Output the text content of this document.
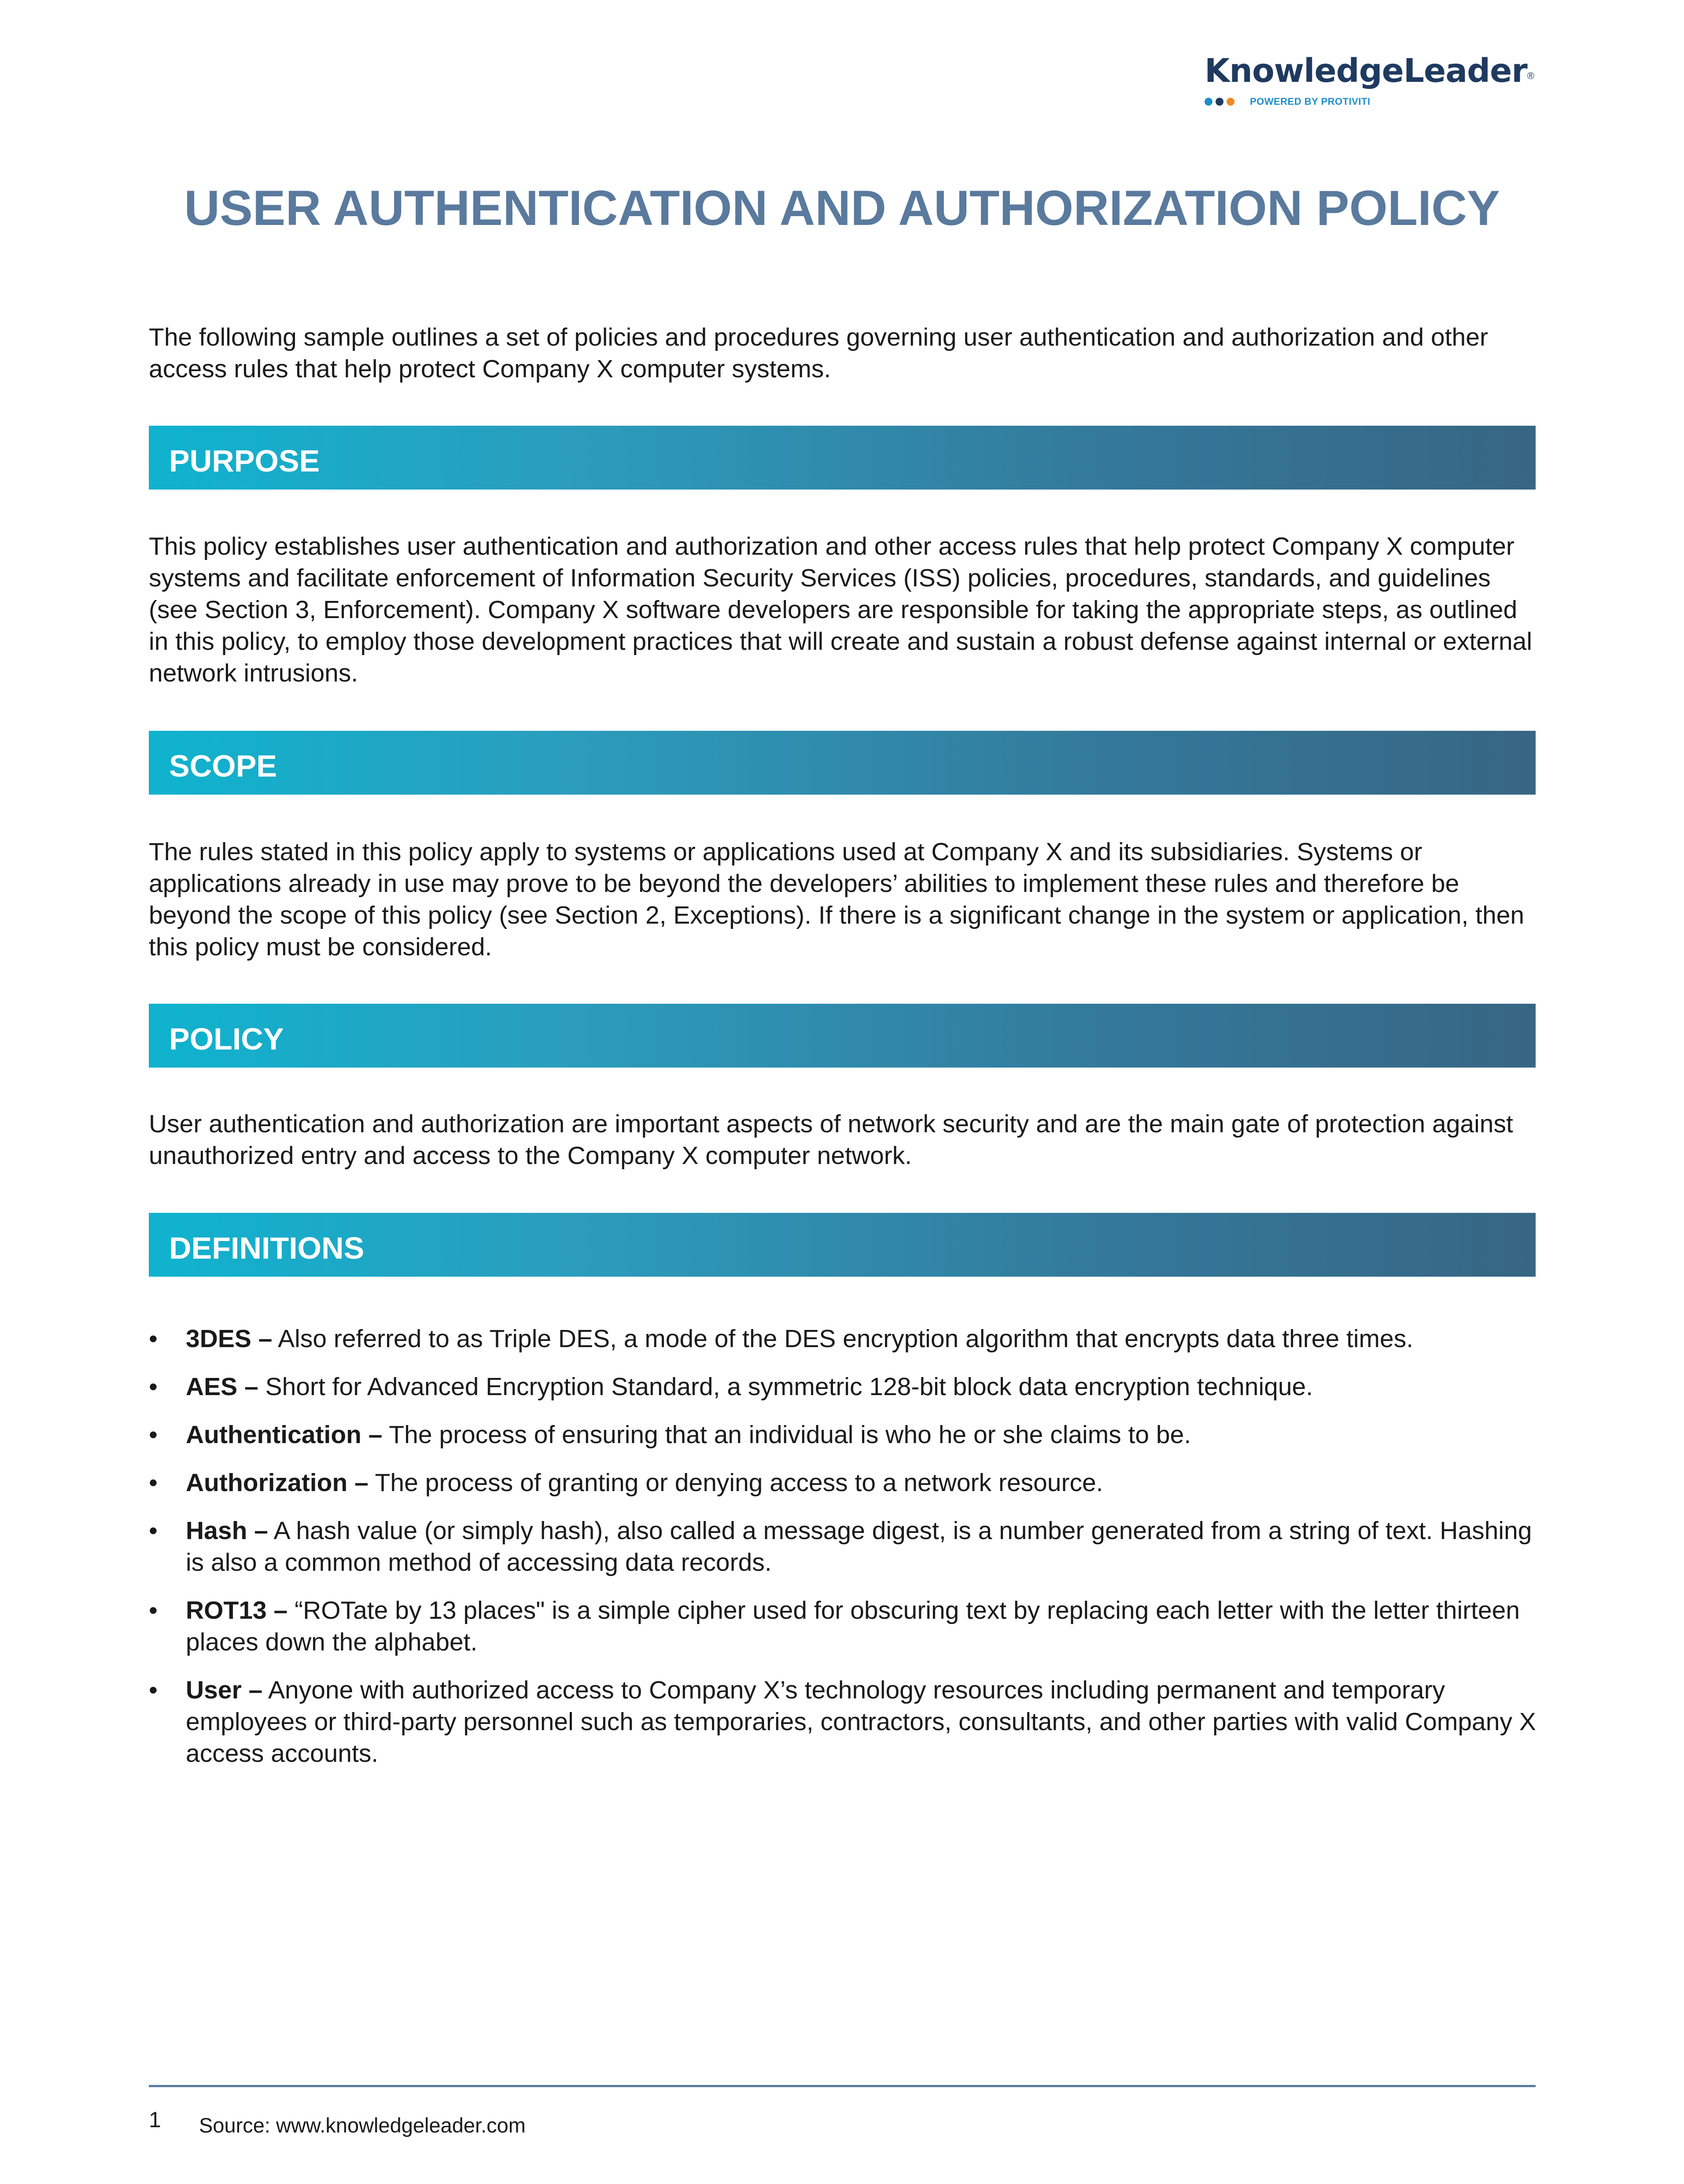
KnowledgeLeader®
POWERED BY PROTIVITI
USER AUTHENTICATION AND AUTHORIZATION POLICY

The following sample outlines a set of policies and procedures governing user authentication and authorization and other access rules that help protect Company X computer systems.

PURPOSE

This policy establishes user authentication and authorization and other access rules that help protect Company X computer systems and facilitate enforcement of Information Security Services (ISS) policies, procedures, standards, and guidelines (see Section 3, Enforcement). Company X software developers are responsible for taking the appropriate steps, as outlined in this policy, to employ those development practices that will create and sustain a robust defense against internal or external network intrusions.

SCOPE

The rules stated in this policy apply to systems or applications used at Company X and its subsidiaries. Systems or applications already in use may prove to be beyond the developers’ abilities to implement these rules and therefore be beyond the scope of this policy (see Section 2, Exceptions). If there is a significant change in the system or application, then this policy must be considered.

POLICY

User authentication and authorization are important aspects of network security and are the main gate of protection against unauthorized entry and access to the Company X computer network.

DEFINITIONS
• 3DES – Also referred to as Triple DES, a mode of the DES encryption algorithm that encrypts data three times.
• AES – Short for Advanced Encryption Standard, a symmetric 128-bit block data encryption technique.
• Authentication – The process of ensuring that an individual is who he or she claims to be.
• Authorization – The process of granting or denying access to a network resource.
• Hash – A hash value (or simply hash), also called a message digest, is a number generated from a string of text. Hashing is also a common method of accessing data records.
• ROT13 – “ROTate by 13 places" is a simple cipher used for obscuring text by replacing each letter with the letter thirteen places down the alphabet.
• User – Anyone with authorized access to Company X’s technology resources including permanent and temporary employees or third-party personnel such as temporaries, contractors, consultants, and other parties with valid Company X access accounts.
1 Source: www.knowledgeleader.com
